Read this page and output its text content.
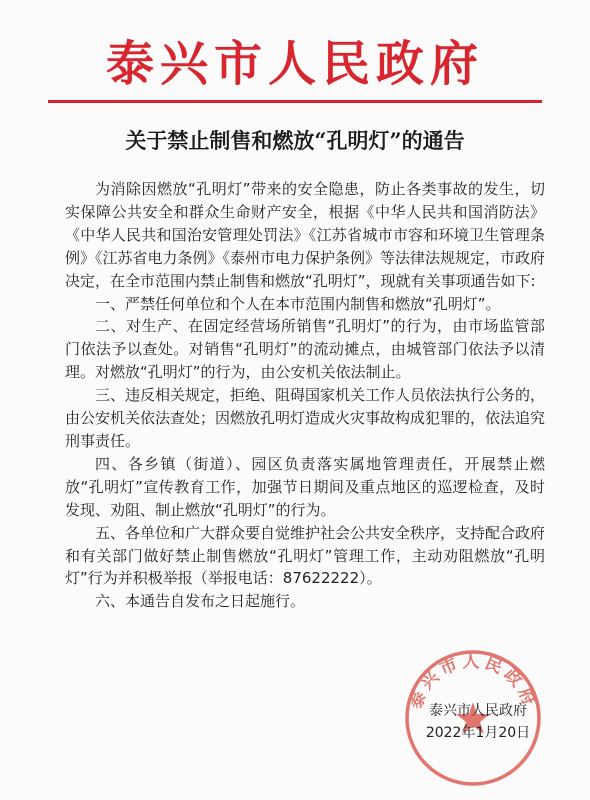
泰兴市人民政府
关于禁止制售和燃放“孔明灯”的通告

为消除因燃放“孔明灯”带来的安全隐患，防止各类事故的发生，切实保障公共安全和群众生命财产安全，根据《中华人民共和国消防法》《中华人民共和国治安管理处罚法》《江苏省城市市容和环境卫生管理条例》《江苏省电力条例》《泰州市电力保护条例》等法律法规规定，市政府决定，在全市范围内禁止制售和燃放“孔明灯”，现就有关事项通告如下:

一、严禁任何单位和个人在本市范围内制售和燃放“孔明灯”。

二、对生产、在固定经营场所销售“孔明灯”的行为，由市场监管部门依法予以查处。对销售“孔明灯”的流动摊点，由城管部门依法予以清理。对燃放“孔明灯”的行为，由公安机关依法制止。

三、违反相关规定，拒绝、阻碍国家机关工作人员依法执行公务的，由公安机关依法查处；因燃放孔明灯造成火灾事故构成犯罪的，依法追究刑事责任。

四、各乡镇（街道）、园区负责落实属地管理责任，开展禁止燃放“孔明灯”宣传教育工作，加强节日期间及重点地区的巡逻检查，及时发现、劝阻、制止燃放“孔明灯”的行为。

五、各单位和广大群众要自觉维护社会公共安全秩序，支持配合政府和有关部门做好禁止制售燃放“孔明灯”管理工作，主动劝阻燃放“孔明灯”行为并积极举报（举报电话：87622222）。

六、本通告自发布之日起施行。

泰兴市人民政府
泰兴市人民政府
2022年1月20日
